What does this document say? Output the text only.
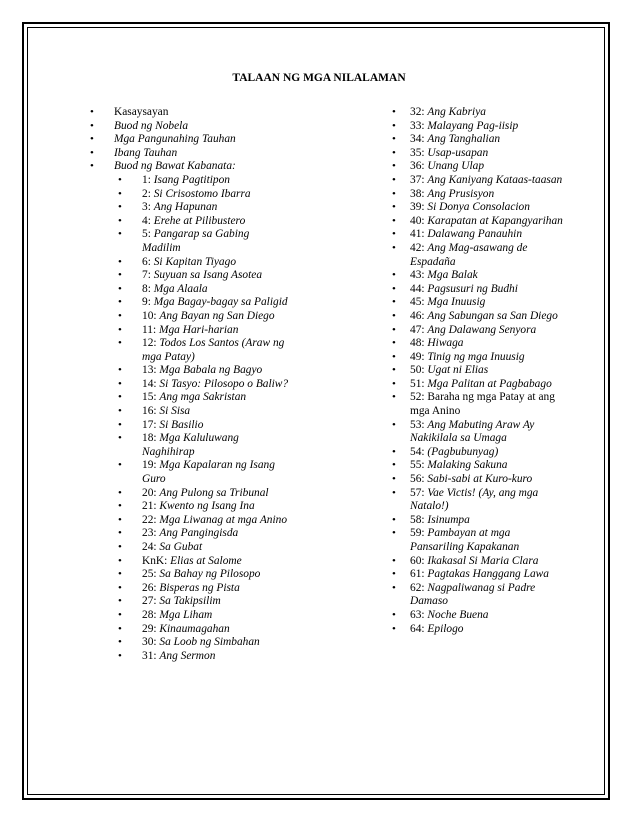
TALAAN NG MGA NILALAMAN
• Kasaysayan
• Buod ng Nobela
• Mga Pangunahing Tauhan
• Ibang Tauhan
• Buod ng Bawat Kabanata:
• 1: Isang Pagtitipon
• 2: Si Crisostomo Ibarra
• 3: Ang Hapunan
• 4: Erehe at Pilibustero
• 5: Pangarap sa Gabing Madilim
• 6: Si Kapitan Tiyago
• 7: Suyuan sa Isang Asotea
• 8: Mga Alaala
• 9: Mga Bagay-bagay sa Paligid
• 10: Ang Bayan ng San Diego
• 11: Mga Hari-harian
• 12: Todos Los Santos (Araw ng mga Patay)
• 13: Mga Babala ng Bagyo
• 14: Si Tasyo: Pilosopo o Baliw?
• 15: Ang mga Sakristan
• 16: Si Sisa
• 17: Si Basilio
• 18: Mga Kaluluwang Naghihirap
• 19: Mga Kapalaran ng Isang Guro
• 20: Ang Pulong sa Tribunal
• 21: Kwento ng Isang Ina
• 22: Mga Liwanag at mga Anino
• 23: Ang Pangingisda
• 24: Sa Gubat
• KnK: Elias at Salome
• 25: Sa Bahay ng Pilosopo
• 26: Bisperas ng Pista
• 27: Sa Takipsilim
• 28: Mga Liham
• 29: Kinaumagahan
• 30: Sa Loob ng Simbahan
• 31: Ang Sermon
• 32: Ang Kabriya
• 33: Malayang Pag-iisip
• 34: Ang Tanghalian
• 35: Usap-usapan
• 36: Unang Ulap
• 37: Ang Kaniyang Kataas-taasan
• 38: Ang Prusisyon
• 39: Si Donya Consolacion
• 40: Karapatan at Kapangyarihan
• 41: Dalawang Panauhin
• 42: Ang Mag-asawang de Espadaña
• 43: Mga Balak
• 44: Pagsusuri ng Budhi
• 45: Mga Inuusig
• 46: Ang Sabungan sa San Diego
• 47: Ang Dalawang Senyora
• 48: Hiwaga
• 49: Tinig ng mga Inuusig
• 50: Ugat ni Elias
• 51: Mga Palitan at Pagbabago
• 52: Baraha ng mga Patay at ang mga Anino
• 53: Ang Mabuting Araw Ay Nakikilala sa Umaga
• 54: (Pagbubunyag)
• 55: Malaking Sakuna
• 56: Sabi-sabi at Kuro-kuro
• 57: Vae Victis! (Ay, ang mga Natalo!)
• 58: Isinumpa
• 59: Pambayan at mga Pansariling Kapakanan
• 60: Ikakasal Si Maria Clara
• 61: Pagtakas Hanggang Lawa
• 62: Nagpaliwanag si Padre Damaso
• 63: Noche Buena
• 64: Epilogo
